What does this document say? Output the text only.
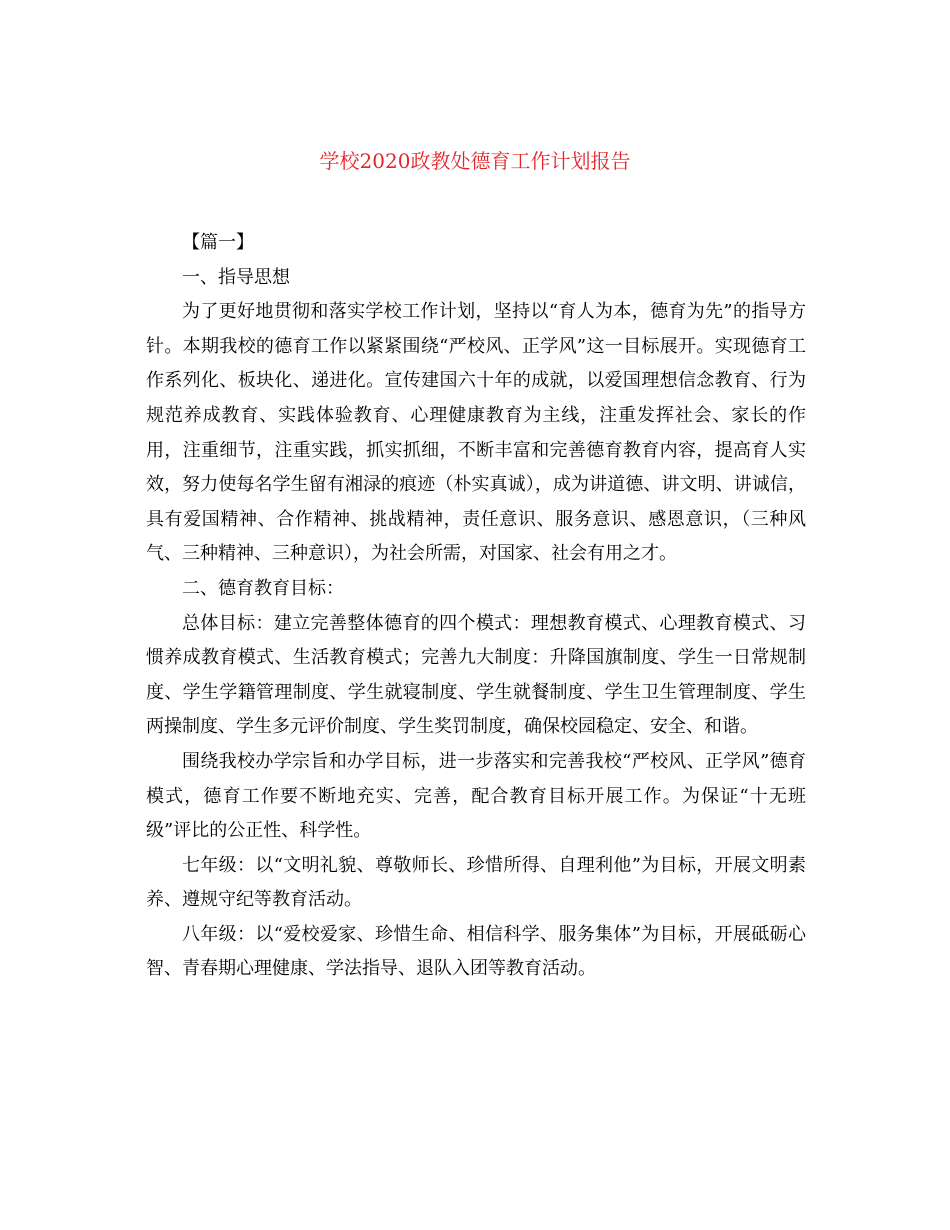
学校2020政教处德育工作计划报告

【篇一】

一、指导思想

为了更好地贯彻和落实学校工作计划，坚持以“育人为本，德育为先”的指导方针。本期我校的德育工作以紧紧围绕“严校风、正学风”这一目标展开。实现德育工作系列化、板块化、递进化。宣传建国六十年的成就，以爱国理想信念教育、行为规范养成教育、实践体验教育、心理健康教育为主线，注重发挥社会、家长的作用，注重细节，注重实践，抓实抓细，不断丰富和完善德育教育内容，提高育人实效，努力使每名学生留有湘渌的痕迹（朴实真诚），成为讲道德、讲文明、讲诚信，具有爱国精神、合作精神、挑战精神，责任意识、服务意识、感恩意识，（三种风气、三种精神、三种意识），为社会所需，对国家、社会有用之才。

二、德育教育目标：

总体目标：建立完善整体德育的四个模式：理想教育模式、心理教育模式、习惯养成教育模式、生活教育模式；完善九大制度：升降国旗制度、学生一日常规制度、学生学籍管理制度、学生就寝制度、学生就餐制度、学生卫生管理制度、学生两操制度、学生多元评价制度、学生奖罚制度，确保校园稳定、安全、和谐。

围绕我校办学宗旨和办学目标，进一步落实和完善我校“严校风、正学风”德育模式，德育工作要不断地充实、完善，配合教育目标开展工作。为保证“十无班级”评比的公正性、科学性。

七年级：以“文明礼貌、尊敬师长、珍惜所得、自理利他”为目标，开展文明素养、遵规守纪等教育活动。

八年级：以“爱校爱家、珍惜生命、相信科学、服务集体”为目标，开展砥砺心智、青春期心理健康、学法指导、退队入团等教育活动。
